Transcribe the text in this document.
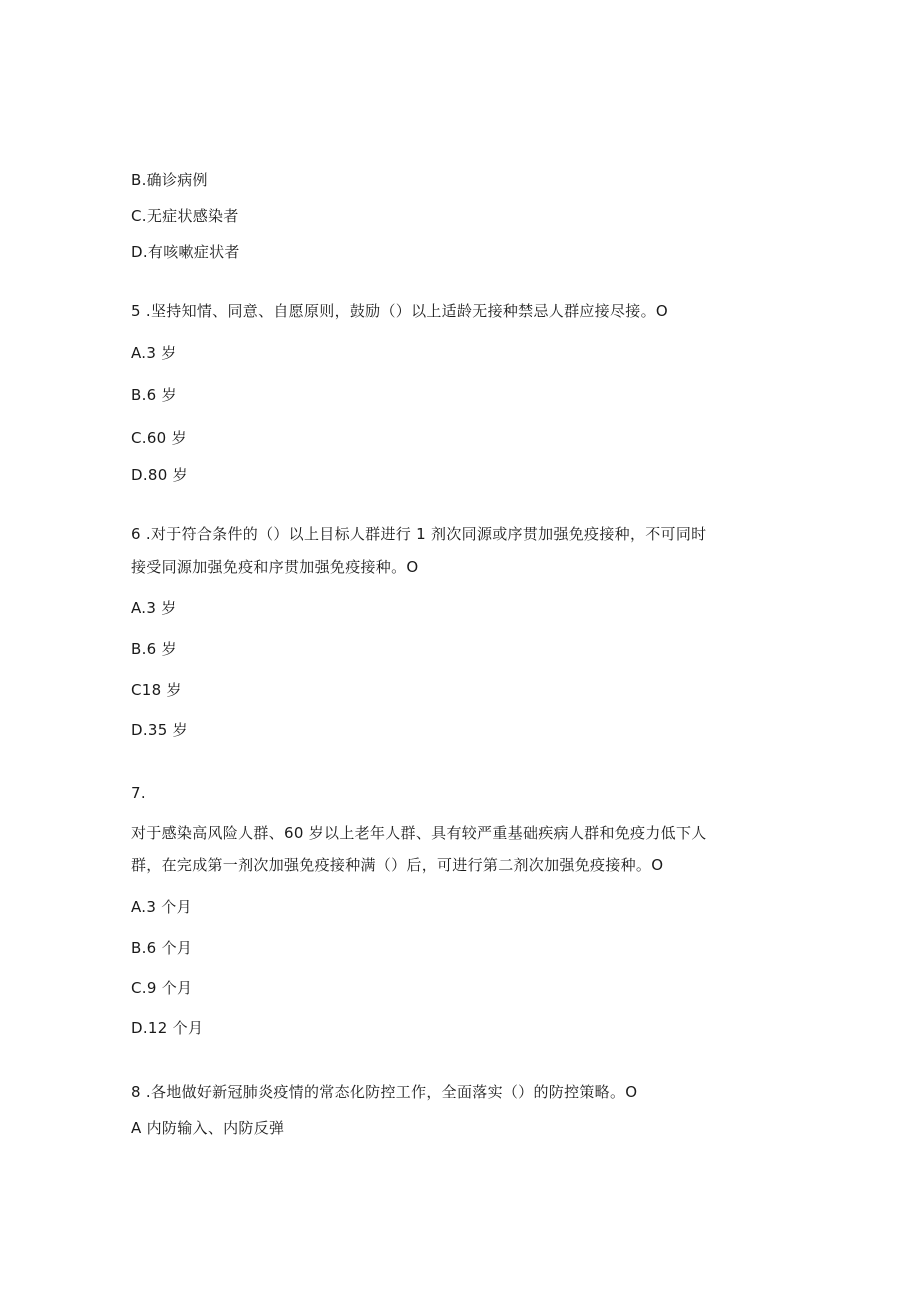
B.确诊病例
C.无症状感染者
D.有咳嗽症状者
5 .坚持知情、同意、自愿原则，鼓励（）以上适龄无接种禁忌人群应接尽接。O
A.3 岁
B.6 岁
C.60 岁
D.80 岁
6 .对于符合条件的（）以上目标人群进行 1 剂次同源或序贯加强免疫接种，不可同时
接受同源加强免疫和序贯加强免疫接种。O
A.3 岁
B.6 岁
C18 岁
D.35 岁
7.
对于感染高风险人群、60 岁以上老年人群、具有较严重基础疾病人群和免疫力低下人
群，在完成第一剂次加强免疫接种满（）后，可进行第二剂次加强免疫接种。O
A.3 个月
B.6 个月
C.9 个月
D.12 个月
8 .各地做好新冠肺炎疫情的常态化防控工作，全面落实（）的防控策略。O
A 内防输入、内防反弹
